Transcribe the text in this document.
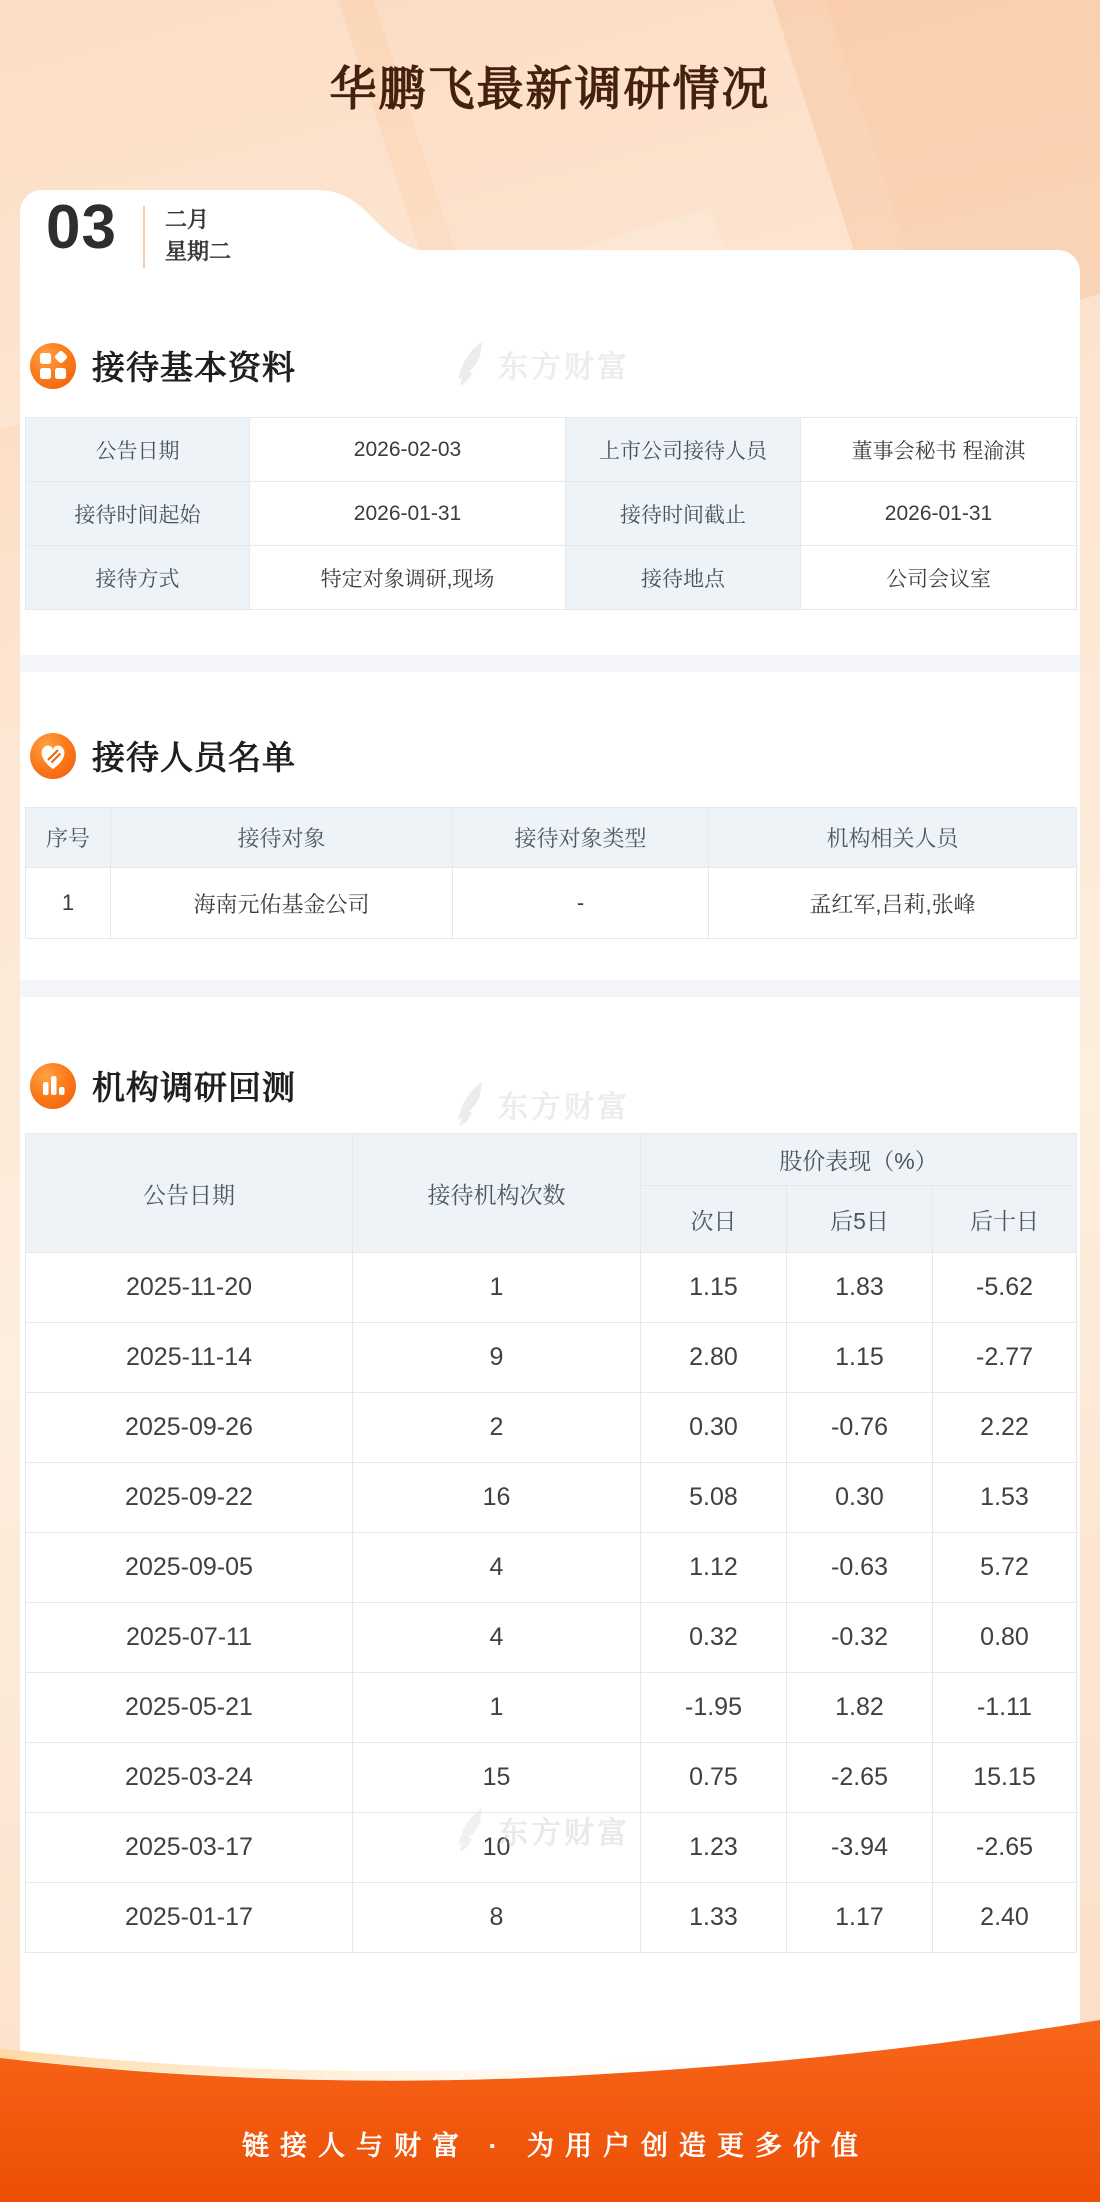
华鹏飞最新调研情况
03 二月
星期二
东方财富
东方财富
接待基本资料
公告日期	2026-02-03	上市公司接待人员	董事会秘书 程渝淇
接待时间起始	2026-01-31	接待时间截止	2026-01-31
接待方式	特定对象调研,现场	接待地点	公司会议室
接待人员名单
序号	接待对象	接待对象类型	机构相关人员
1	海南元佑基金公司	-	孟红军,吕莉,张峰
机构调研回测
公告日期	接待机构次数	股价表现（%）		
		次日	后5日	后十日
2025-11-20	1	1.15	1.83	-5.62
2025-11-14	9	2.80	1.15	-2.77
2025-09-26	2	0.30	-0.76	2.22
2025-09-22	16	5.08	0.30	1.53
2025-09-05	4	1.12	-0.63	5.72
2025-07-11	4	0.32	-0.32	0.80
2025-05-21	1	-1.95	1.82	-1.11
2025-03-24	15	0.75	-2.65	15.15
2025-03-17	10	1.23	-3.94	-2.65
2025-01-17	8	1.33	1.17	2.40
东方财富
链接人与财富 · 为用户创造更多价值
